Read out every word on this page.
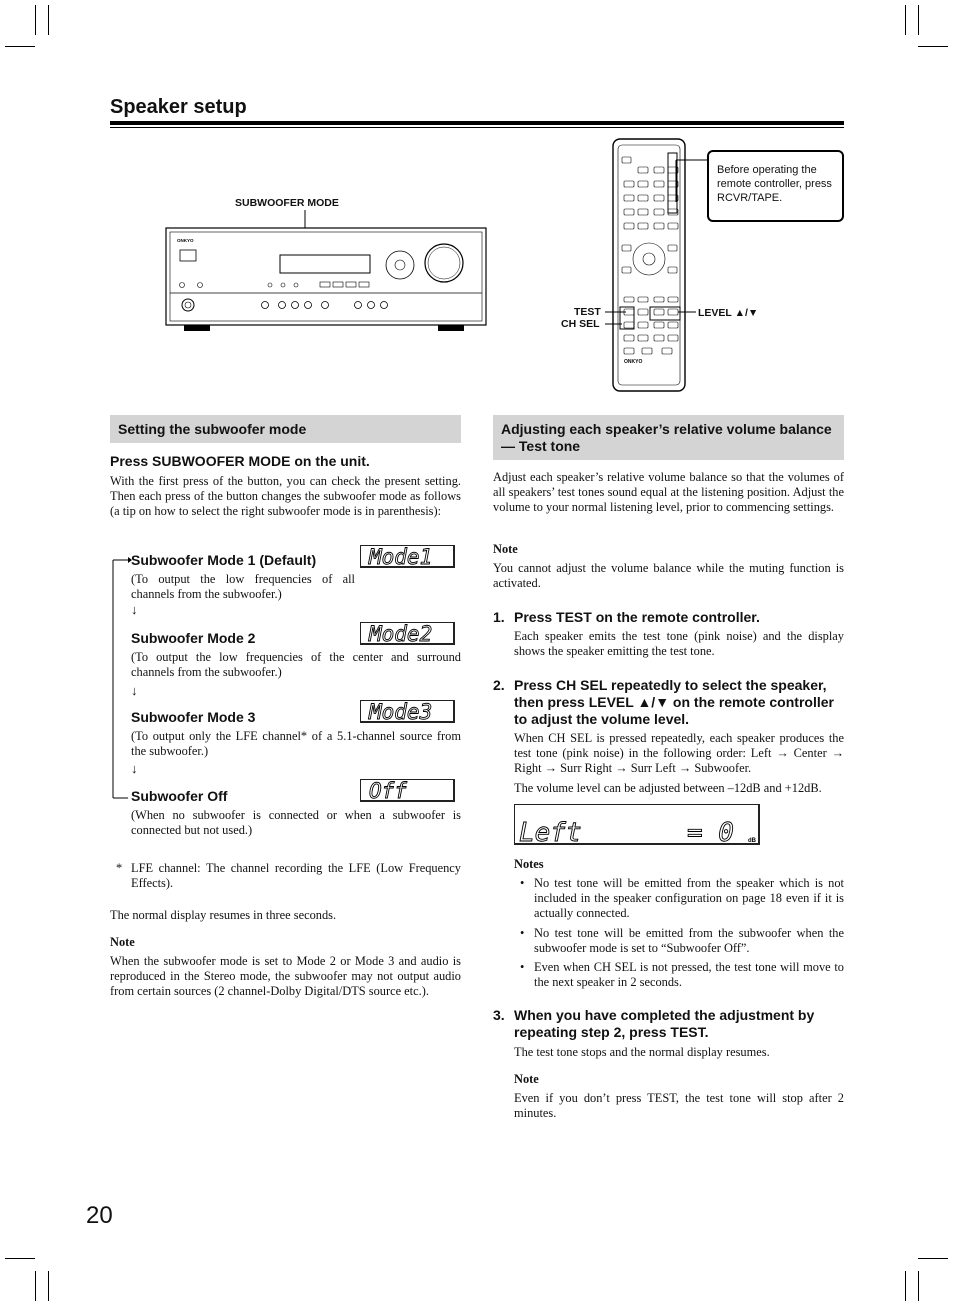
Speaker setup
SUBWOOFER MODE
ONKYO
ONKYO
Before operating the remote controller, press RCVR/TAPE.
TEST
CH SEL
LEVEL ▲/▼
Setting the subwoofer mode
Press SUBWOOFER MODE on the unit.
With the first press of the button, you can check the present setting. Then each press of the button changes the subwoofer mode as follows (a tip on how to select the right subwoofer mode is in parenthesis):
Subwoofer Mode 1 (Default)
(To output the low frequencies of all channels from the subwoofer.)
↓
Mode1
Subwoofer Mode 2
(To output the low frequencies of the center and surround channels from the subwoofer.)
↓
Mode2
Subwoofer Mode 3
(To output only the LFE channel* of a 5.1-channel source from the subwoofer.)
↓
Mode3
Subwoofer Off
(When no subwoofer is connected or when a subwoofer is connected but not used.)
Off
* LFE channel: The channel recording the LFE (Low Frequency Effects).
The normal display resumes in three seconds.
Note
When the subwoofer mode is set to Mode 2 or Mode 3 and audio is reproduced in the Stereo mode, the subwoofer may not output audio from certain sources (2 channel-Dolby Digital/DTS source etc.).
Adjusting each speaker’s relative volume balance — Test tone
Adjust each speaker’s relative volume balance so that the volumes of all speakers’ test tones sound equal at the listening position. Adjust the volume to your normal listening level, prior to commencing settings.
Note
You cannot adjust the volume balance while the muting function is activated.
1. Press TEST on the remote controller.
Each speaker emits the test tone (pink noise) and the display shows the speaker emitting the test tone.
2. Press CH SEL repeatedly to select the speaker, then press LEVEL ▲/▼ on the remote controller to adjust the volume level.
When CH SEL is pressed repeatedly, each speaker produces the test tone (pink noise) in the following order: Left → Center → Right → Surr Right → Surr Left → Subwoofer.
The volume level can be adjusted between –12dB and +12dB.
Left	= 0 dB
Notes
• No test tone will be emitted from the speaker which is not included in the speaker configuration on page 18 even if it is actually connected.
• No test tone will be emitted from the subwoofer when the subwoofer mode is set to “Subwoofer Off”.
• Even when CH SEL is not pressed, the test tone will move to the next speaker in 2 seconds.
3. When you have completed the adjustment by repeating step 2, press TEST.
The test tone stops and the normal display resumes.
Note
Even if you don’t press TEST, the test tone will stop after 2 minutes.
20
